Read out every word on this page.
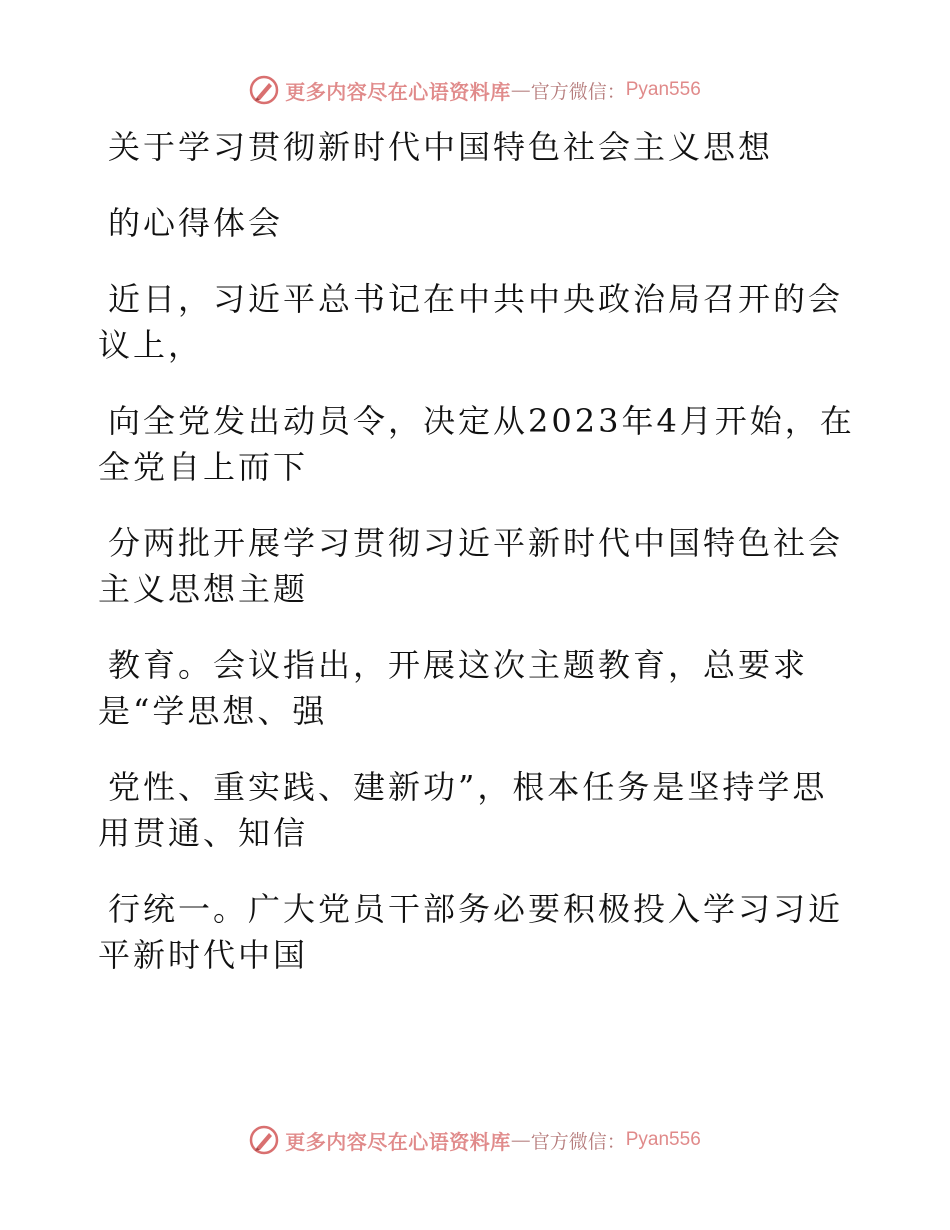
更多内容尽在心语资料库 — 官方微信： Pyan556
关于学习贯彻新时代中国特色社会主义思想
的心得体会
近日，习近平总书记在中共中央政治局召开的会
议上，
向全党发出动员令，决定从2023年4月开始，在
全党自上而下
分两批开展学习贯彻习近平新时代中国特色社会
主义思想主题
教育。会议指出，开展这次主题教育，总要求
是“学思想、强
党性、重实践、建新功”，根本任务是坚持学思
用贯通、知信
行统一。广大党员干部务必要积极投入学习习近
平新时代中国
更多内容尽在心语资料库 — 官方微信： Pyan556
